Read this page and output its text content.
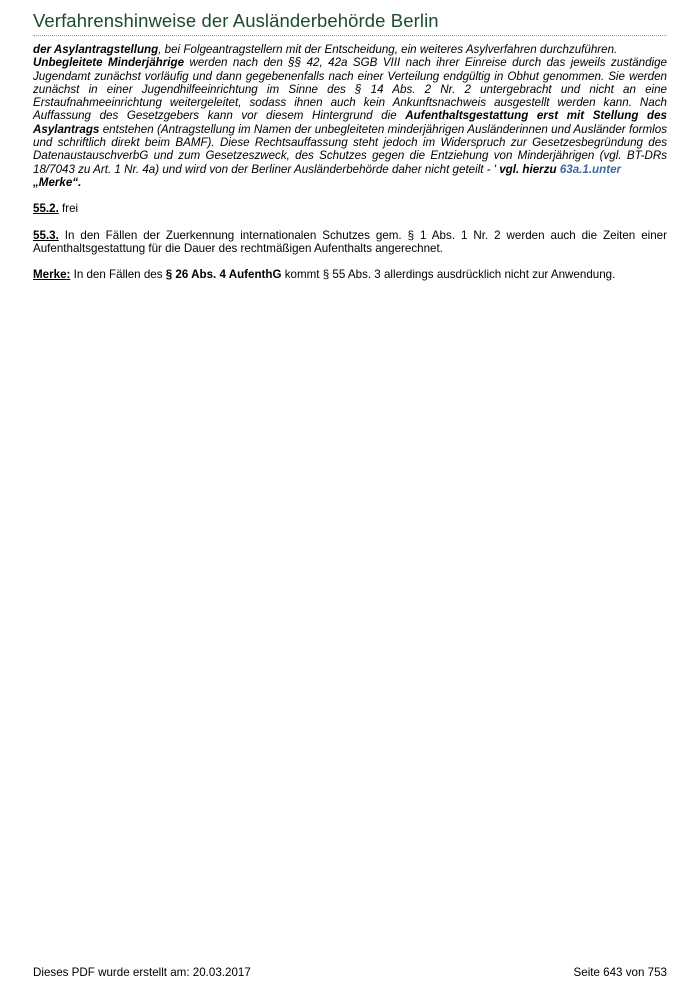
Verfahrenshinweise der Ausländerbehörde Berlin

der Asylantragstellung, bei Folgeantragstellern mit der Entscheidung, ein weiteres Asylverfahren durchzuführen.

Unbegleitete Minderjährige werden nach den §§ 42, 42a SGB VIII nach ihrer Einreise durch das jeweils zuständige Jugendamt zunächst vorläufig und dann gegebenenfalls nach einer Verteilung endgültig in Obhut genommen. Sie werden zunächst in einer Jugendhilfeeinrichtung im Sinne des § 14 Abs. 2 Nr. 2 untergebracht und nicht an eine Erstaufnahmeeinrichtung weitergeleitet, sodass ihnen auch kein Ankunftsnachweis ausgestellt werden kann. Nach Auffassung des Gesetzgebers kann vor diesem Hintergrund die Aufenthaltsgestattung erst mit Stellung des Asylantrags entstehen (Antragstellung im Namen der unbegleiteten minderjährigen Ausländerinnen und Ausländer formlos und schriftlich direkt beim BAMF). Diese Rechtsauffassung steht jedoch im Widerspruch zur Gesetzesbegründung des DatenaustauschverbG und zum Gesetzeszweck, des Schutzes gegen die Entziehung von Minderjährigen (vgl. BT-DRs 18/7043 zu Art. 1 Nr. 4a) und wird von der Berliner Ausländerbehörde daher nicht geteilt - ' vgl. hierzu 63a.1.unter
„Merke“.

55.2. frei

55.3. In den Fällen der Zuerkennung internationalen Schutzes gem. § 1 Abs. 1 Nr. 2 werden auch die Zeiten einer Aufenthaltsgestattung für die Dauer des rechtmäßigen Aufenthalts angerechnet.

Merke: In den Fällen des § 26 Abs. 4 AufenthG kommt § 55 Abs. 3 allerdings ausdrücklich nicht zur Anwendung.

Dieses PDF wurde erstellt am: 20.03.2017	Seite 643 von 753
